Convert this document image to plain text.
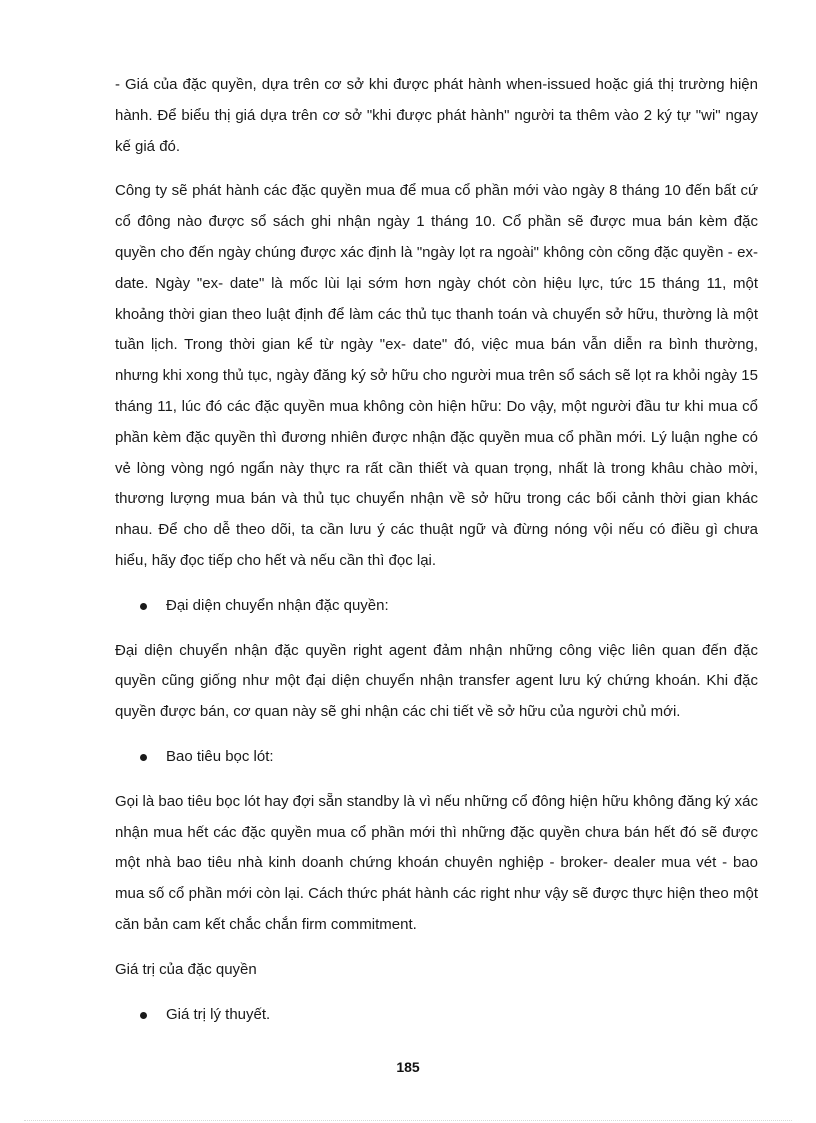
- Giá của đặc quyền, dựa trên cơ sở khi được phát hành when-issued hoặc giá thị trường hiện hành. Để biểu thị giá dựa trên cơ sở "khi được phát hành" người ta thêm vào 2 ký tự "wi" ngay kế giá đó.

Công ty sẽ phát hành các đặc quyền mua để mua cổ phần mới vào ngày 8 tháng 10 đến bất cứ cổ đông nào được sổ sách ghi nhận ngày 1 tháng 10. Cổ phần sẽ được mua bán kèm đặc quyền cho đến ngày chúng được xác định là "ngày lọt ra ngoài" không còn cõng đặc quyền - ex- date. Ngày "ex- date" là mốc lùi lại sớm hơn ngày chót còn hiệu lực, tức 15 tháng 11, một khoảng thời gian theo luật định để làm các thủ tục thanh toán và chuyển sở hữu, thường là một tuần lịch. Trong thời gian kể từ ngày "ex- date" đó, việc mua bán vẫn diễn ra bình thường, nhưng khi xong thủ tục, ngày đăng ký sở hữu cho người mua trên sổ sách sẽ lọt ra khỏi ngày 15 tháng 11, lúc đó các đặc quyền mua không còn hiện hữu: Do vậy, một người đầu tư khi mua cổ phần kèm đặc quyền thì đương nhiên được nhận đặc quyền mua cổ phần mới. Lý luận nghe có vẻ lòng vòng ngó ngẩn này thực ra rất cần thiết và quan trọng, nhất là trong khâu chào mời, thương lượng mua bán và thủ tục chuyển nhận về sở hữu trong các bối cảnh thời gian khác nhau. Để cho dễ theo dõi, ta cần lưu ý các thuật ngữ và đừng nóng vội nếu có điều gì chưa hiểu, hãy đọc tiếp cho hết và nếu cần thì đọc lại.

Đại diện chuyển nhận đặc quyền:

Đại diện chuyển nhận đặc quyền right agent đảm nhận những công việc liên quan đến đặc quyền cũng giống như một đại diện chuyển nhận transfer agent lưu ký chứng khoán. Khi đặc quyền được bán, cơ quan này sẽ ghi nhận các chi tiết về sở hữu của người chủ mới.

Bao tiêu bọc lót:

Gọi là bao tiêu bọc lót hay đợi sẵn standby là vì nếu những cổ đông hiện hữu không đăng ký xác nhận mua hết các đặc quyền mua cổ phần mới thì những đặc quyền chưa bán hết đó sẽ được một nhà bao tiêu nhà kinh doanh chứng khoán chuyên nghiệp - broker- dealer mua vét - bao mua số cổ phần mới còn lại. Cách thức phát hành các right như vậy sẽ được thực hiện theo một căn bản cam kết chắc chắn firm commitment.

Giá trị của đặc quyền

Giá trị lý thuyết.
185
